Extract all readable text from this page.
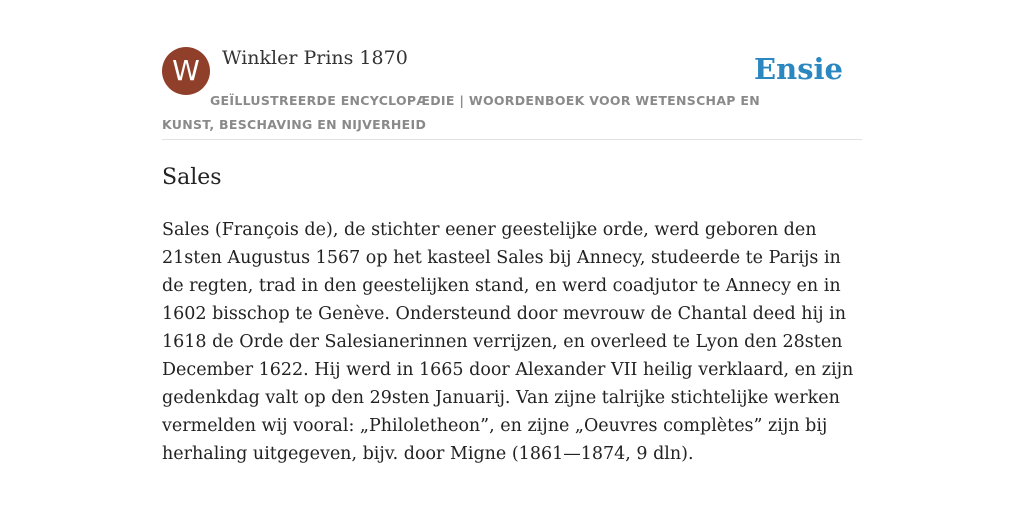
W	Winkler Prins 1870	Ensie
GEÏLLUSTREERDE ENCYCLOPÆDIE | WOORDENBOEK VOOR WETENSCHAP EN KUNST, BESCHAVING EN NIJVERHEID
Sales

Sales (François de), de stichter eener geestelijke orde, werd geboren den 21sten Augustus 1567 op het kasteel Sales bij Annecy, studeerde te Parijs in de regten, trad in den geestelijken stand, en werd coadjutor te Annecy en in 1602 bisschop te Genève. Ondersteund door mevrouw de Chantal deed hij in 1618 de Orde der Salesianerinnen verrijzen, en overleed te Lyon den 28sten December 1622. Hij werd in 1665 door Alexander VII heilig verklaard, en zijn gedenkdag valt op den 29sten Januarij. Van zijne talrijke stichtelijke werken vermelden wij vooral: „Philoletheon”, en zijne „Oeuvres complètes” zijn bij herhaling uitgegeven, bijv. door Migne (1861—1874, 9 dln).
